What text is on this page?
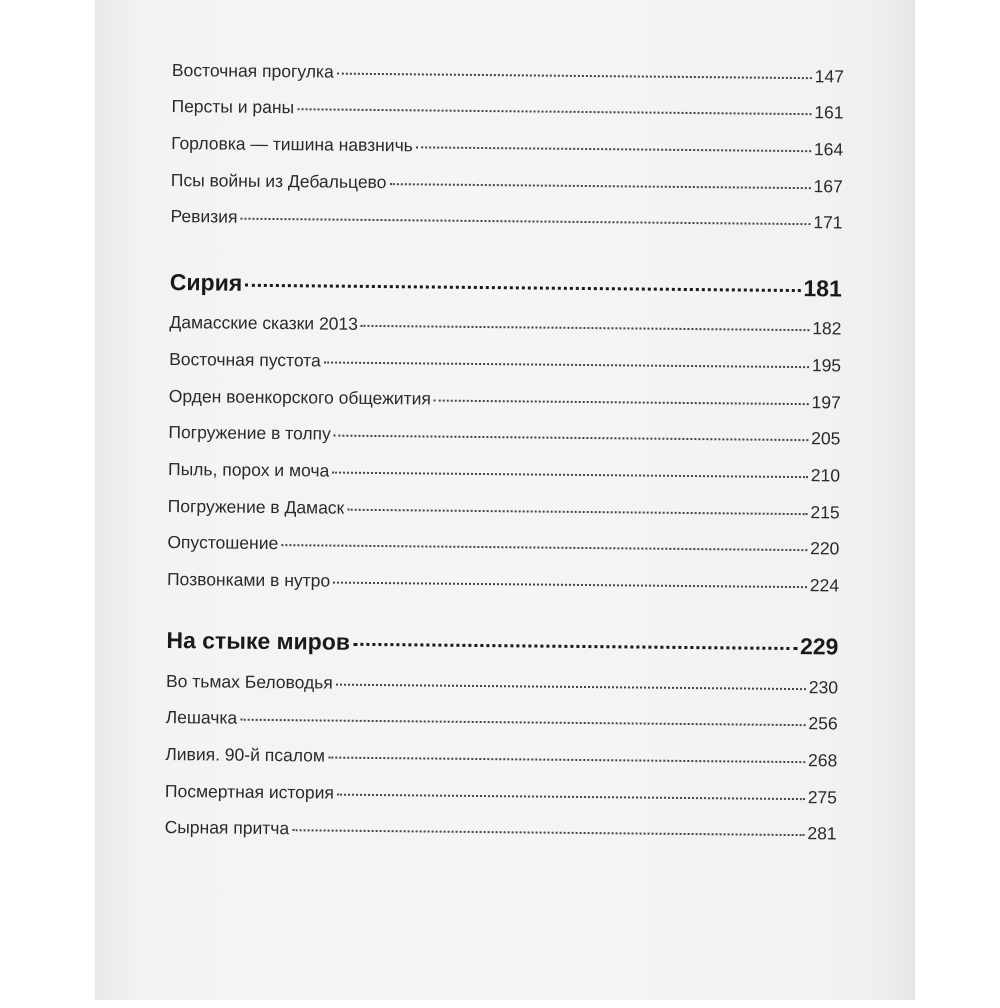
Восточная прогулка	147
Персты и раны	161
Горловка — тишина навзничь	164
Псы войны из Дебальцево	167
Ревизия	171
Сирия	181
Дамасские сказки 2013	182
Восточная пустота	195
Орден военкорского общежития	197
Погружение в толпу	205
Пыль, порох и моча	210
Погружение в Дамаск	215
Опустошение	220
Позвонками в нутро	224
На стыке миров	229
Во тьмах Беловодья	230
Лешачка	256
Ливия. 90-й псалом	268
Посмертная история	275
Сырная притча	281
